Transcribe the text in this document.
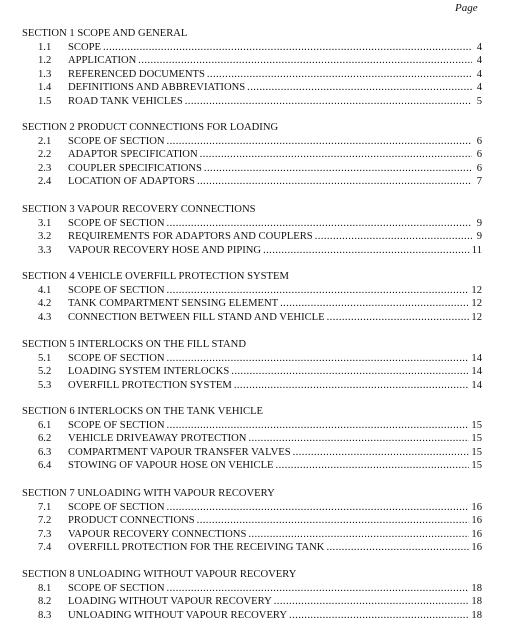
Page
SECTION 1 SCOPE AND GENERAL
1.1	SCOPE .....	4
1.2	APPLICATION .....	4
1.3	REFERENCED DOCUMENTS .....	4
1.4	DEFINITIONS AND ABBREVIATIONS .....	4
1.5	ROAD TANK VEHICLES .....	5
SECTION 2 PRODUCT CONNECTIONS FOR LOADING
2.1	SCOPE OF SECTION .....	6
2.2	ADAPTOR SPECIFICATION .....	6
2.3	COUPLER SPECIFICATIONS .....	6
2.4	LOCATION OF ADAPTORS .....	7
SECTION 3 VAPOUR RECOVERY CONNECTIONS
3.1	SCOPE OF SECTION .....	9
3.2	REQUIREMENTS FOR ADAPTORS AND COUPLERS .....	9
3.3	VAPOUR RECOVERY HOSE AND PIPING .....	11
SECTION 4 VEHICLE OVERFILL PROTECTION SYSTEM
4.1	SCOPE OF SECTION .....	12
4.2	TANK COMPARTMENT SENSING ELEMENT .....	12
4.3	CONNECTION BETWEEN FILL STAND AND VEHICLE .....	12
SECTION 5 INTERLOCKS ON THE FILL STAND
5.1	SCOPE OF SECTION .....	14
5.2	LOADING SYSTEM INTERLOCKS .....	14
5.3	OVERFILL PROTECTION SYSTEM .....	14
SECTION 6 INTERLOCKS ON THE TANK VEHICLE
6.1	SCOPE OF SECTION .....	15
6.2	VEHICLE DRIVEAWAY PROTECTION .....	15
6.3	COMPARTMENT VAPOUR TRANSFER VALVES .....	15
6.4	STOWING OF VAPOUR HOSE ON VEHICLE .....	15
SECTION 7 UNLOADING WITH VAPOUR RECOVERY
7.1	SCOPE OF SECTION .....	16
7.2	PRODUCT CONNECTIONS .....	16
7.3	VAPOUR RECOVERY CONNECTIONS .....	16
7.4	OVERFILL PROTECTION FOR THE RECEIVING TANK .....	16
SECTION 8 UNLOADING WITHOUT VAPOUR RECOVERY
8.1	SCOPE OF SECTION .....	18
8.2	LOADING WITHOUT VAPOUR RECOVERY .....	18
8.3	UNLOADING WITHOUT VAPOUR RECOVERY .....	18
